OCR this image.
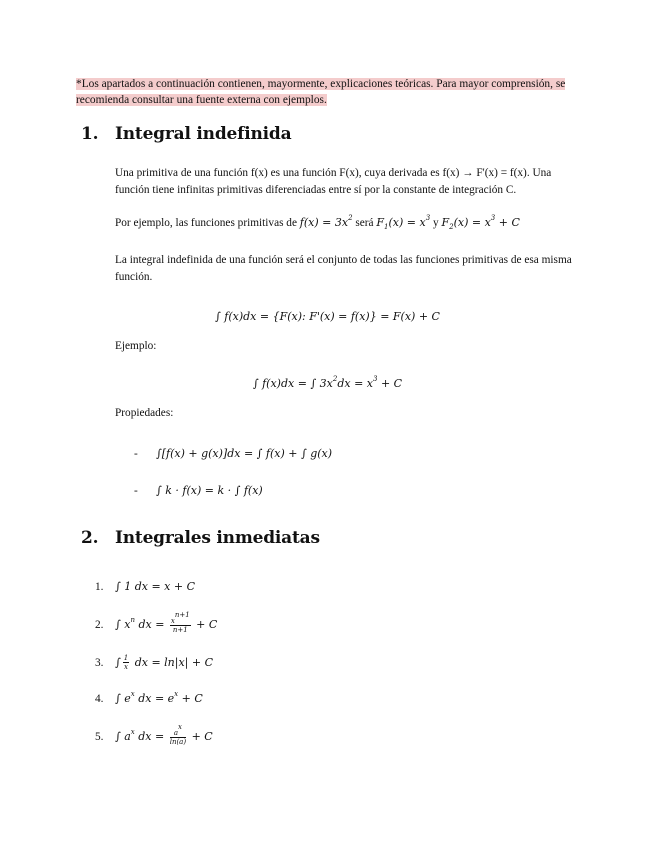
*Los apartados a continuación contienen, mayormente, explicaciones teóricas. Para mayor comprensión, se recomienda consultar una fuente externa con ejemplos.
1. Integral indefinida
Una primitiva de una función f(x) es una función F(x), cuya derivada es f(x) → F'(x) = f(x). Una función tiene infinitas primitivas diferenciadas entre sí por la constante de integración C.
Por ejemplo, las funciones primitivas de $f(x) = 3x^2$ será $F_1(x) = x^3$ y $F_2(x) = x^3 + C$
La integral indefinida de una función será el conjunto de todas las funciones primitivas de esa misma función.
∫ f(x)dx = {F(x): F'(x) = f(x)} = F(x) + C
Ejemplo:
∫ f(x)dx = ∫ $3x^2dx = x^3 + C$
Propiedades:
- ∫[f(x) + g(x)]dx = ∫ f(x) + ∫ g(x)
- ∫ k · f(x) = k · ∫ f(x)
2. Integrales inmediatas
1. ∫ 1 dx = x + C
2. ∫ $x^n$ dx = $\frac{x^{n+1}}{n+1} + C$
3. ∫ $\frac{1}{x}$ dx = ln|x| + C
4. ∫ $e^x$ dx = $e^x + C$
5. ∫ $a^x$ dx = $\frac{a^x}{\ln(a)} + C$
